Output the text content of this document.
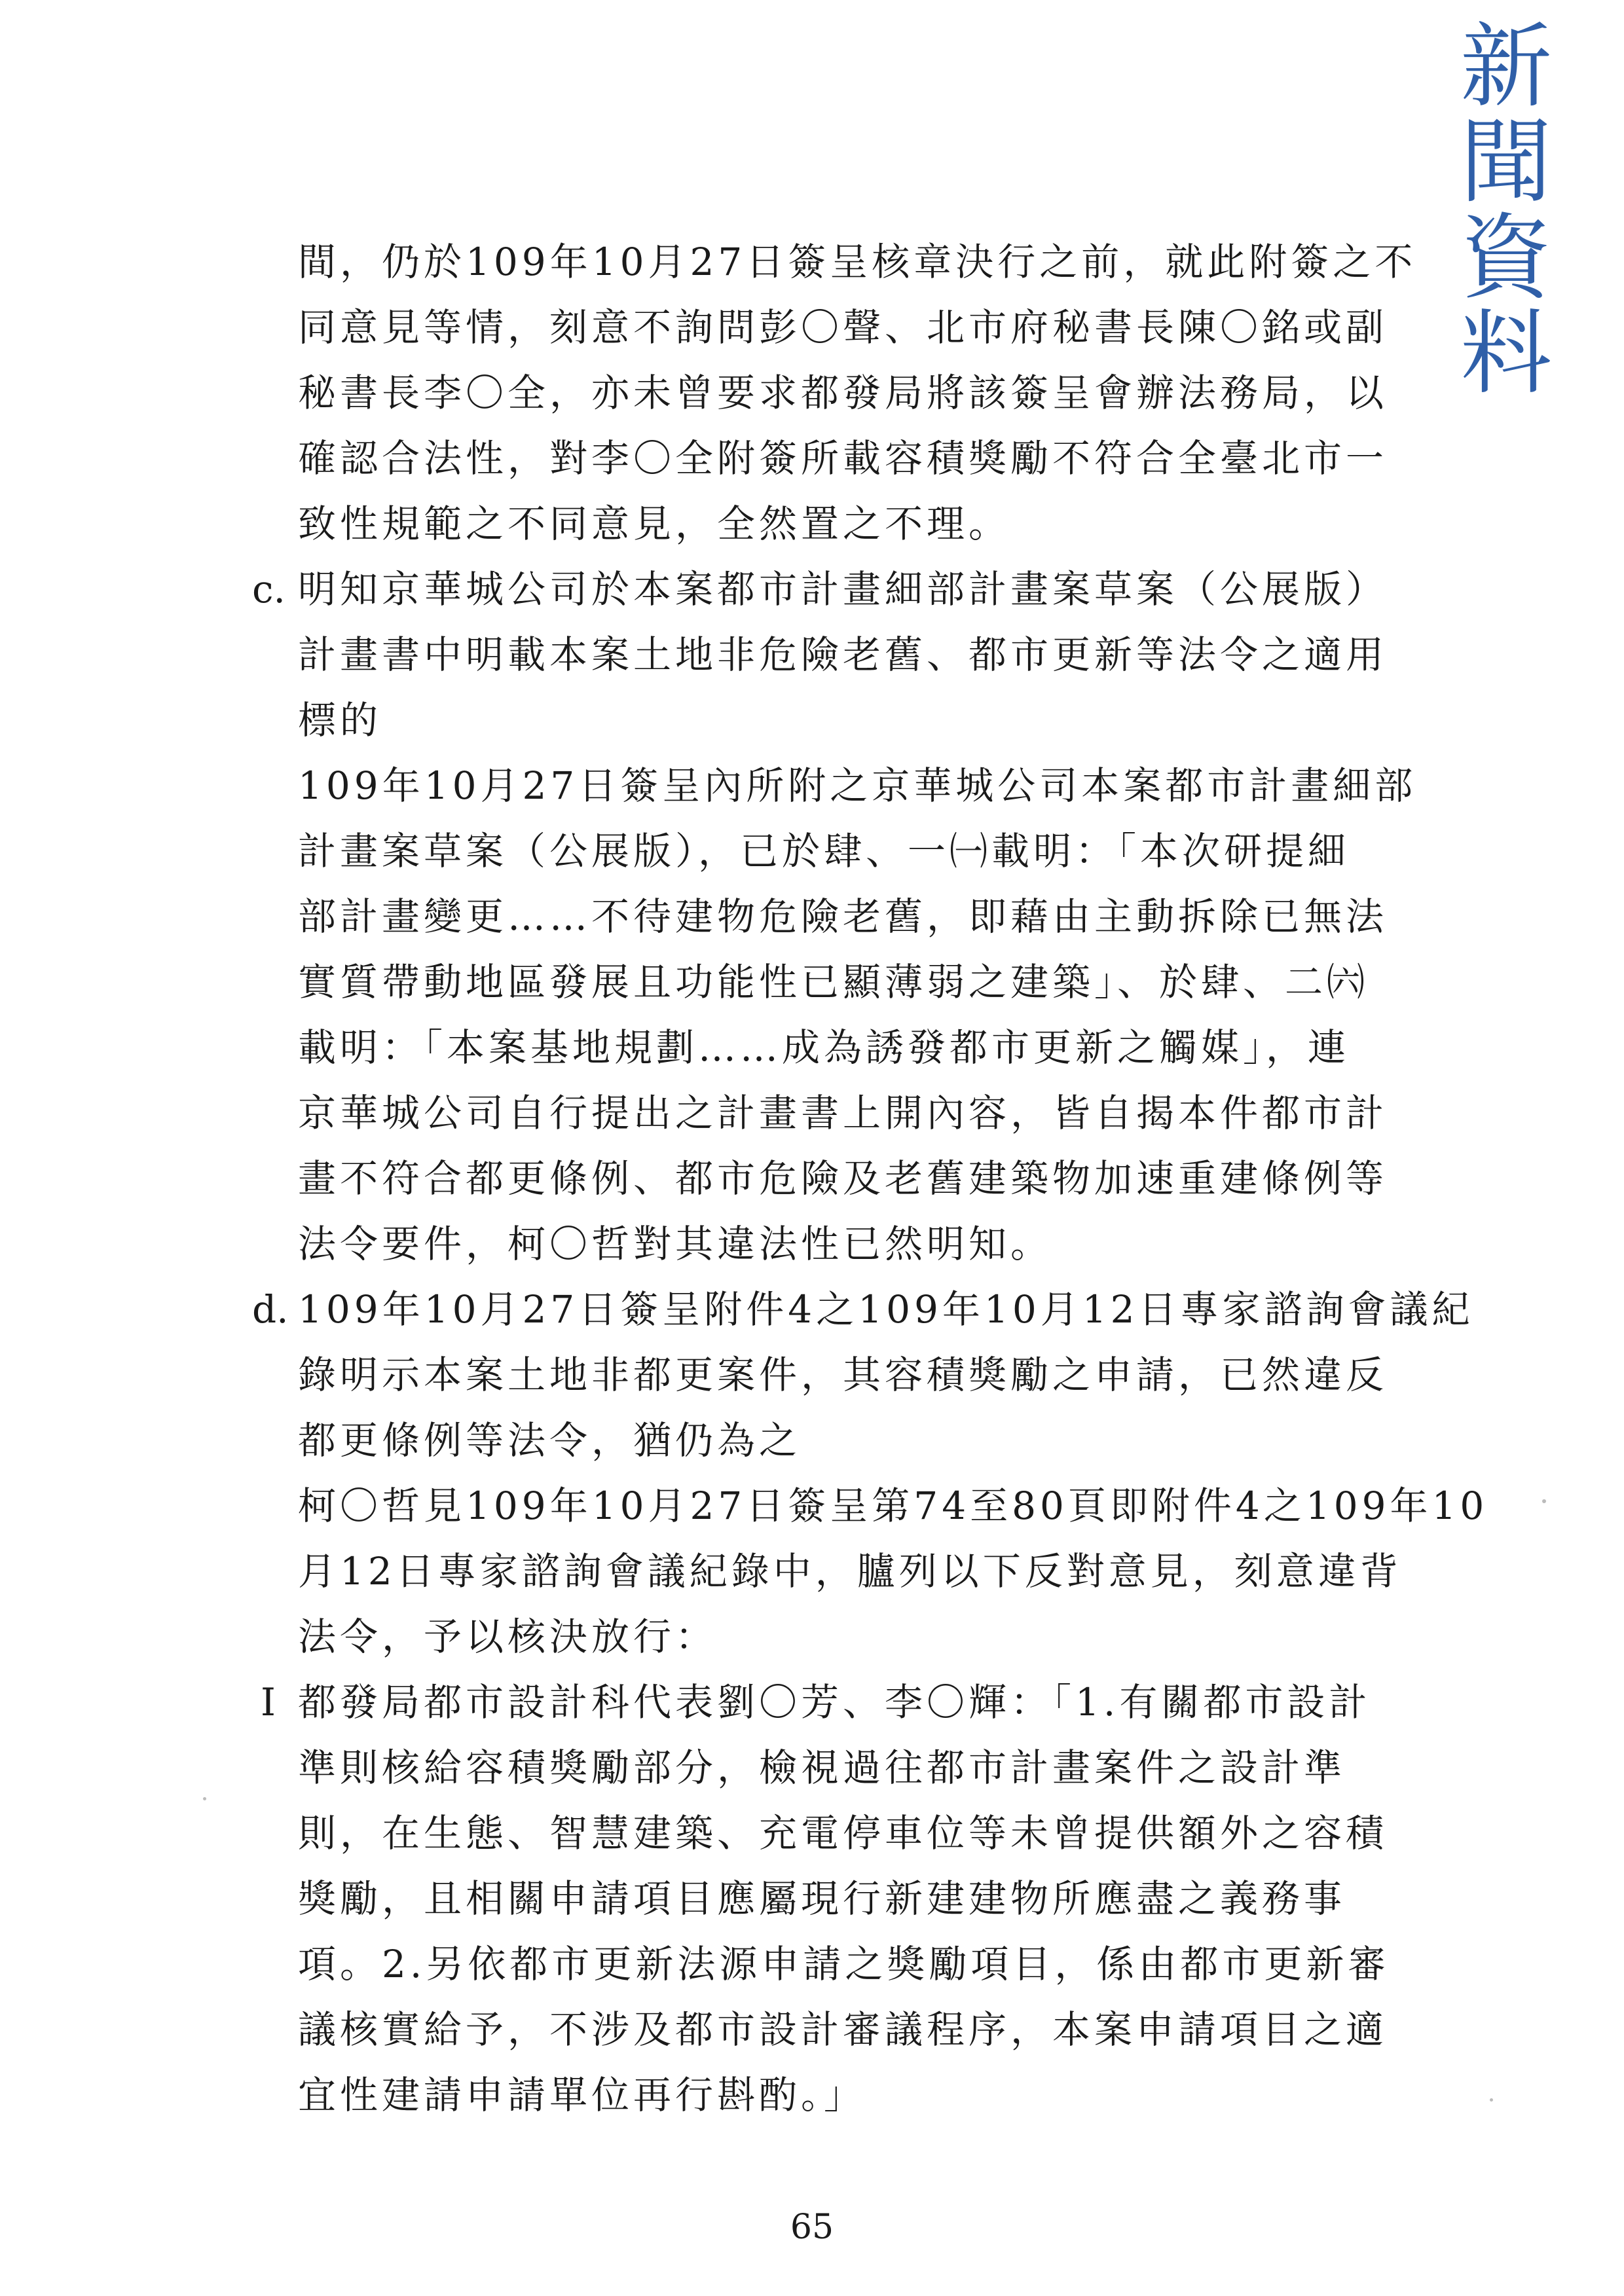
新
聞
資
料
間，仍於109年10月27日簽呈核章決行之前，就此附簽之不
同意見等情，刻意不詢問彭〇聲、北市府秘書長陳〇銘或副
秘書長李〇全，亦未曾要求都發局將該簽呈會辦法務局，以
確認合法性，對李〇全附簽所載容積獎勵不符合全臺北市一
致性規範之不同意見，全然置之不理。
c. 明知京華城公司於本案都市計畫細部計畫案草案（公展版）
計畫書中明載本案土地非危險老舊、都市更新等法令之適用
標的
109年10月27日簽呈內所附之京華城公司本案都市計畫細部
計畫案草案（公展版），已於肆、一㈠載明：「本次研提細
部計畫變更……不待建物危險老舊，即藉由主動拆除已無法
實質帶動地區發展且功能性已顯薄弱之建築」、於肆、二㈥
載明：「本案基地規劃……成為誘發都市更新之觸媒」，連
京華城公司自行提出之計畫書上開內容，皆自揭本件都市計
畫不符合都更條例、都市危險及老舊建築物加速重建條例等
法令要件，柯〇哲對其違法性已然明知。
d. 109年10月27日簽呈附件4之109年10月12日專家諮詢會議紀
錄明示本案土地非都更案件，其容積獎勵之申請，已然違反
都更條例等法令，猶仍為之
柯〇哲見109年10月27日簽呈第74至80頁即附件4之109年10
月12日專家諮詢會議紀錄中，臚列以下反對意見，刻意違背
法令，予以核決放行：
I 都發局都市設計科代表劉〇芳、李〇輝：「1.有關都市設計
準則核給容積獎勵部分，檢視過往都市計畫案件之設計準
則，在生態、智慧建築、充電停車位等未曾提供額外之容積
獎勵，且相關申請項目應屬現行新建建物所應盡之義務事
項。2.另依都市更新法源申請之獎勵項目，係由都市更新審
議核實給予，不涉及都市設計審議程序，本案申請項目之適
宜性建請申請單位再行斟酌。」
65
